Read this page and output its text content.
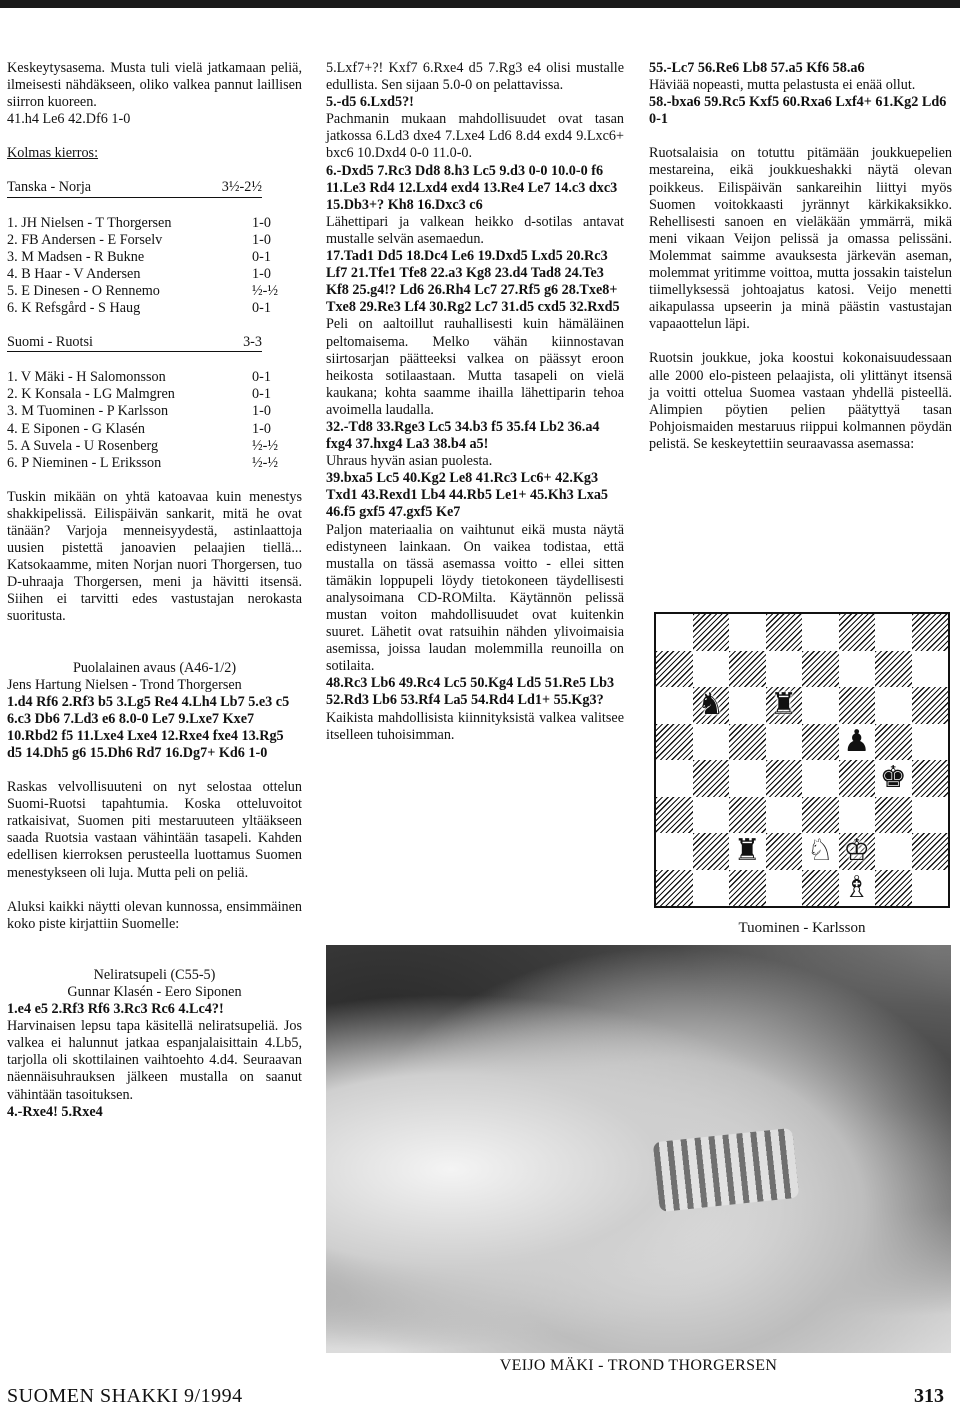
Keskeytysasema. Musta tuli vielä jatkamaan peliä, ilmeisesti nähdäkseen, oliko valkea pannut laillisen siirron kuoreen.

41.h4 Le6 42.Df6 1-0

Kolmas kierros:

Tanska - Norja	3½-2½
1. JH Nielsen - T Thorgersen	1-0
2. FB Andersen - E Forselv	1-0
3. M Madsen - R Bukne	0-1
4. B Haar - V Andersen	1-0
5. E Dinesen - O Rennemo	½-½
6. K Refsgård - S Haug	0-1
Suomi - Ruotsi	3-3
1. V Mäki - H Salomonsson	0-1
2. K Konsala - LG Malmgren	0-1
3. M Tuominen - P Karlsson	1-0
4. E Siponen - G Klasén	1-0
5. A Suvela - U Rosenberg	½-½
6. P Nieminen - L Eriksson	½-½

Tuskin mikään on yhtä katoavaa kuin menestys shakkipelissä. Eilispäivän sankarit, mitä he ovat tänään? Varjoja menneisyydestä, astinlaattoja uusien pistettä janoavien pelaajien tiellä... Katsokaamme, miten Norjan nuori Thorgersen, tuo D-uhraaja Thorgersen, meni ja hävitti itsensä. Siihen ei tarvitti edes vastustajan nerokasta suoritusta.

Puolalainen avaus (A46-1/2)

Jens Hartung Nielsen - Trond Thorgersen

1.d4 Rf6 2.Rf3 b5 3.Lg5 Re4 4.Lh4 Lb7 5.e3 c5 6.c3 Db6 7.Ld3 e6 8.0-0 Le7 9.Lxe7 Kxe7 10.Rbd2 f5 11.Lxe4 Lxe4 12.Rxe4 fxe4 13.Rg5 d5 14.Dh5 g6 15.Dh6 Rd7 16.Dg7+ Kd6 1-0

Raskas velvollisuuteni on nyt selostaa ottelun Suomi-Ruotsi tapahtumia. Koska otteluvoitot ratkaisivat, Suomen piti mestaruuteen yltääkseen saada Ruotsia vastaan vähintään tasapeli. Kahden edellisen kierroksen perusteella luottamus Suomen menestykseen oli luja. Mutta peli on peliä.

Aluksi kaikki näytti olevan kunnossa, ensimmäinen koko piste kirjattiin Suomelle:

Neliratsupeli (C55-5)

Gunnar Klasén - Eero Siponen

1.e4 e5 2.Rf3 Rf6 3.Rc3 Rc6 4.Lc4?!

Harvinaisen lepsu tapa käsitellä neliratsupeliä. Jos valkea ei halunnut jatkaa espanjalaisittain 4.Lb5, tarjolla oli skottilainen vaihtoehto 4.d4. Seuraavan näennäisuhrauksen jälkeen mustalla on saanut vähintään tasoituksen.

4.-Rxe4! 5.Rxe4

5.Lxf7+?! Kxf7 6.Rxe4 d5 7.Rg3 e4 olisi mustalle edullista. Sen sijaan 5.0-0 on pelattavissa.

5.-d5 6.Lxd5?!

Pachmanin mukaan mahdollisuudet ovat tasan jatkossa 6.Ld3 dxe4 7.Lxe4 Ld6 8.d4 exd4 9.Lxc6+ bxc6 10.Dxd4 0-0 11.0-0.

6.-Dxd5 7.Rc3 Dd8 8.h3 Lc5 9.d3 0-0 10.0-0 f6 11.Le3 Rd4 12.Lxd4 exd4 13.Re4 Le7 14.c3 dxc3 15.Db3+? Kh8 16.Dxc3 c6

Lähettipari ja valkean heikko d-sotilas antavat mustalle selvän asemaedun.

17.Tad1 Dd5 18.Dc4 Le6 19.Dxd5 Lxd5 20.Rc3 Lf7 21.Tfe1 Tfe8 22.a3 Kg8 23.d4 Tad8 24.Te3 Kf8 25.g4!? Ld6 26.Rh4 Lc7 27.Rf5 g6 28.Txe8+ Txe8 29.Re3 Lf4 30.Rg2 Lc7 31.d5 cxd5 32.Rxd5

Peli on aaltoillut rauhallisesti kuin hämäläinen peltomaisema. Melko vähän kiinnostavan siirtosarjan päätteeksi valkea on päässyt eroon heikosta sotilaastaan. Mutta tasapeli on vielä kaukana; kohta saamme ihailla lähettiparin tehoa avoimella laudalla.

32.-Td8 33.Rge3 Lc5 34.b3 f5 35.f4 Lb2 36.a4 fxg4 37.hxg4 La3 38.b4 a5!

Uhraus hyvän asian puolesta.

39.bxa5 Lc5 40.Kg2 Le8 41.Rc3 Lc6+ 42.Kg3 Txd1 43.Rexd1 Lb4 44.Rb5 Le1+ 45.Kh3 Lxa5 46.f5 gxf5 47.gxf5 Ke7

Paljon materiaalia on vaihtunut eikä musta näytä edistyneen lainkaan. On vaikea todistaa, että mustalla on tässä asemassa voitto - ellei sitten tämäkin loppupeli löydy tietokoneen täydellisesti analysoimana CD-ROMilta. Käytännön pelissä mustan voiton mahdollisuudet ovat kuitenkin suuret. Lähetit ovat ratsuihin nähden ylivoimaisia asemissa, joissa laudan molemmilla reunoilla on sotilaita.

48.Rc3 Lb6 49.Rc4 Lc5 50.Kg4 Ld5 51.Re5 Lb3 52.Rd3 Lb6 53.Rf4 La5 54.Rd4 Ld1+ 55.Kg3?

Kaikista mahdollisista kiinnityksistä valkea valitsee itselleen tuhoisimman.

55.-Lc7 56.Re6 Lb8 57.a5 Kf6 58.a6

Häviää nopeasti, mutta pelastusta ei enää ollut.

58.-bxa6 59.Rc5 Kxf5 60.Rxa6 Lxf4+ 61.Kg2 Ld6 0-1

Ruotsalaisia on totuttu pitämään joukkuepelien mestareina, eikä joukkueshakki näytä olevan poikkeus. Eilispäivän sankareihin liittyi myös Suomen voitokkaasti jyrännyt kärkikaksikko. Rehellisesti sanoen en vieläkään ymmärrä, mikä meni vikaan Veijon pelissä ja omassa pelissäni. Molemmat saimme avauksesta järkevän aseman, molemmat yritimme voittoa, mutta jossakin taistelun tiimellyksessä johtoajatus katosi. Veijo menetti aikapulassa upseerin ja minä päästin vastustajan vapaaottelun läpi.

Ruotsin joukkue, joka koostui kokonaisuudessaan alle 2000 elo-pisteen pelaajista, oli ylittänyt itsensä ja voitti ottelua Suomea vastaan yhdellä pisteellä. Alimpien pöytien pelien päätyttyä tasan Pohjoismaiden mestaruus riippui kolmannen pöydän pelistä. Se keskeytettiin seuraavassa asemassa:

♞ ♜
♟
♚
♜ ♘ ♔
♗
Tuominen - Karlsson
VEIJO MÄKI - TROND THORGERSEN
SUOMEN SHAKKI 9/1994	313
